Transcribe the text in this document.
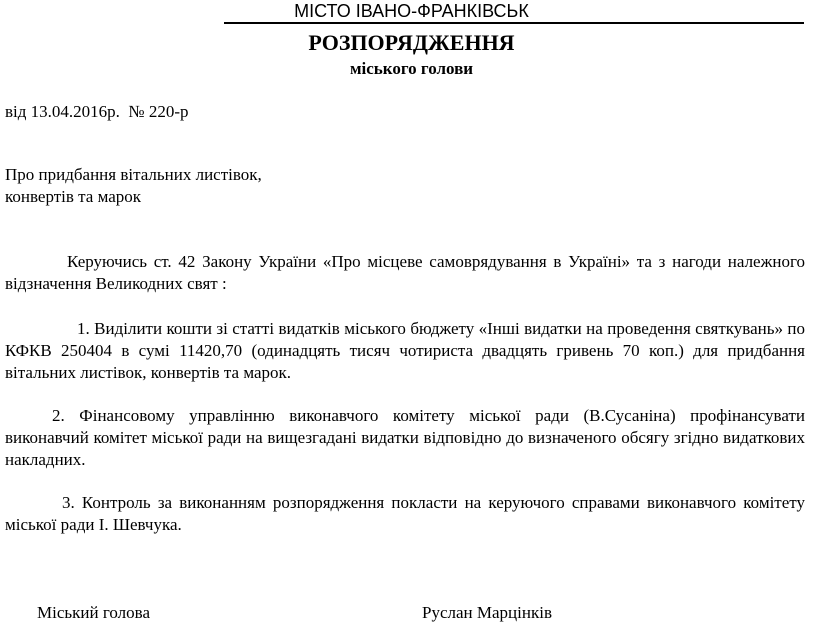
МІСТО ІВАНО-ФРАНКІВСЬК
РОЗПОРЯДЖЕННЯ
міського голови
від 13.04.2016р.  № 220-р
Про придбання вітальних листівок,
конвертів та марок

Керуючись ст. 42 Закону України «Про місцеве самоврядування в Україні» та з нагоди належного відзначення Великодних свят :

1. Виділити кошти зі статті видатків міського бюджету «Інші видатки на проведення святкувань» по КФКВ 250404 в сумі 11420,70 (одинадцять тисяч чотириста двадцять гривень 70 коп.) для придбання вітальних листівок, конвертів та марок.

2. Фінансовому управлінню виконавчого комітету міської ради (В.Сусаніна) профінансувати виконавчий комітет міської ради на вищезгадані видатки відповідно до визначеного обсягу згідно видаткових накладних.

3. Контроль за виконанням розпорядження покласти на керуючого справами виконавчого комітету міської ради І. Шевчука.

Міський голова	Руслан Марцінків
